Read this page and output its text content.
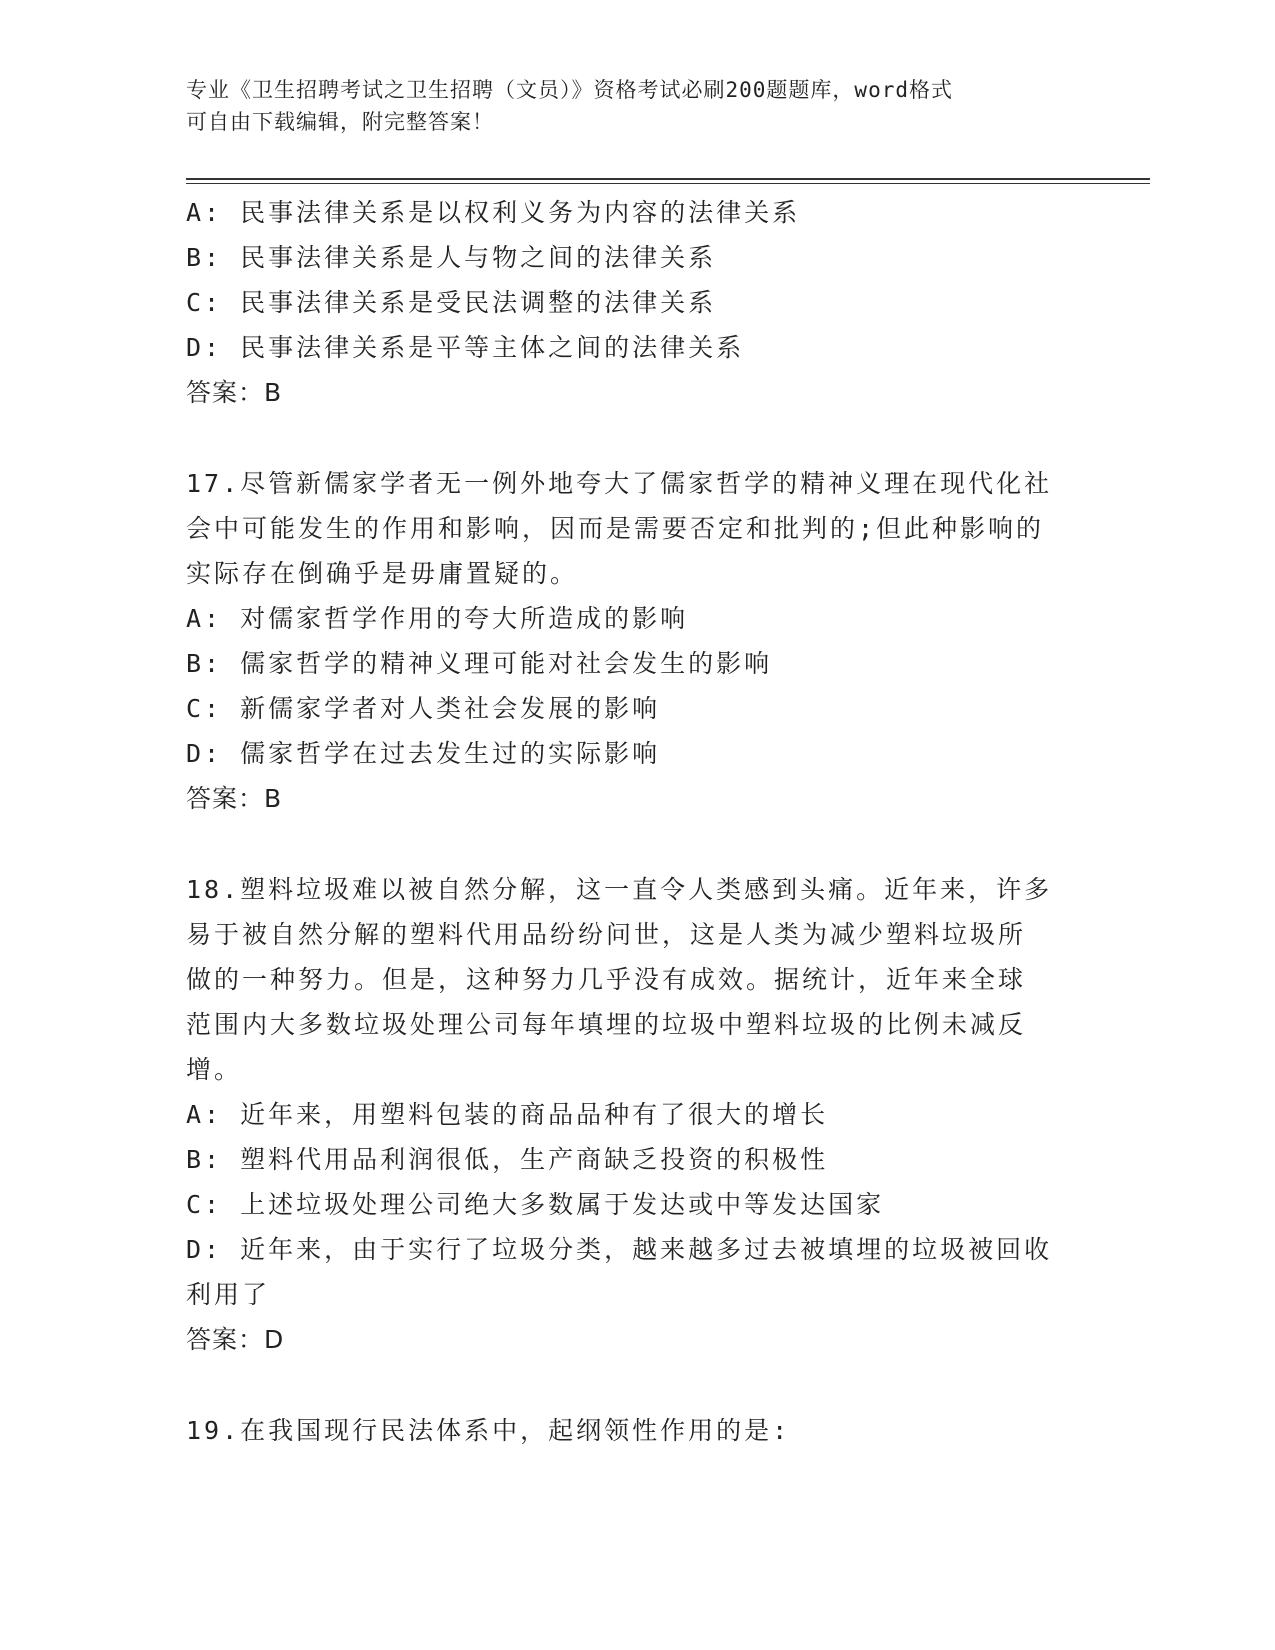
专业《卫生招聘考试之卫生招聘（文员）》资格考试必刷200题题库，word格式
可自由下载编辑，附完整答案！
A: 民事法律关系是以权利义务为内容的法律关系
B: 民事法律关系是人与物之间的法律关系
C: 民事法律关系是受民法调整的法律关系
D: 民事法律关系是平等主体之间的法律关系
答案：B
17.尽管新儒家学者无一例外地夸大了儒家哲学的精神义理在现代化社
会中可能发生的作用和影响，因而是需要否定和批判的;但此种影响的
实际存在倒确乎是毋庸置疑的。
A: 对儒家哲学作用的夸大所造成的影响
B: 儒家哲学的精神义理可能对社会发生的影响
C: 新儒家学者对人类社会发展的影响
D: 儒家哲学在过去发生过的实际影响
答案：B
18.塑料垃圾难以被自然分解，这一直令人类感到头痛。近年来，许多
易于被自然分解的塑料代用品纷纷问世，这是人类为减少塑料垃圾所
做的一种努力。但是，这种努力几乎没有成效。据统计，近年来全球
范围内大多数垃圾处理公司每年填埋的垃圾中塑料垃圾的比例未减反
增。
A: 近年来，用塑料包装的商品品种有了很大的增长
B: 塑料代用品利润很低，生产商缺乏投资的积极性
C: 上述垃圾处理公司绝大多数属于发达或中等发达国家
D: 近年来，由于实行了垃圾分类，越来越多过去被填埋的垃圾被回收
利用了
答案：D
19.在我国现行民法体系中，起纲领性作用的是:
